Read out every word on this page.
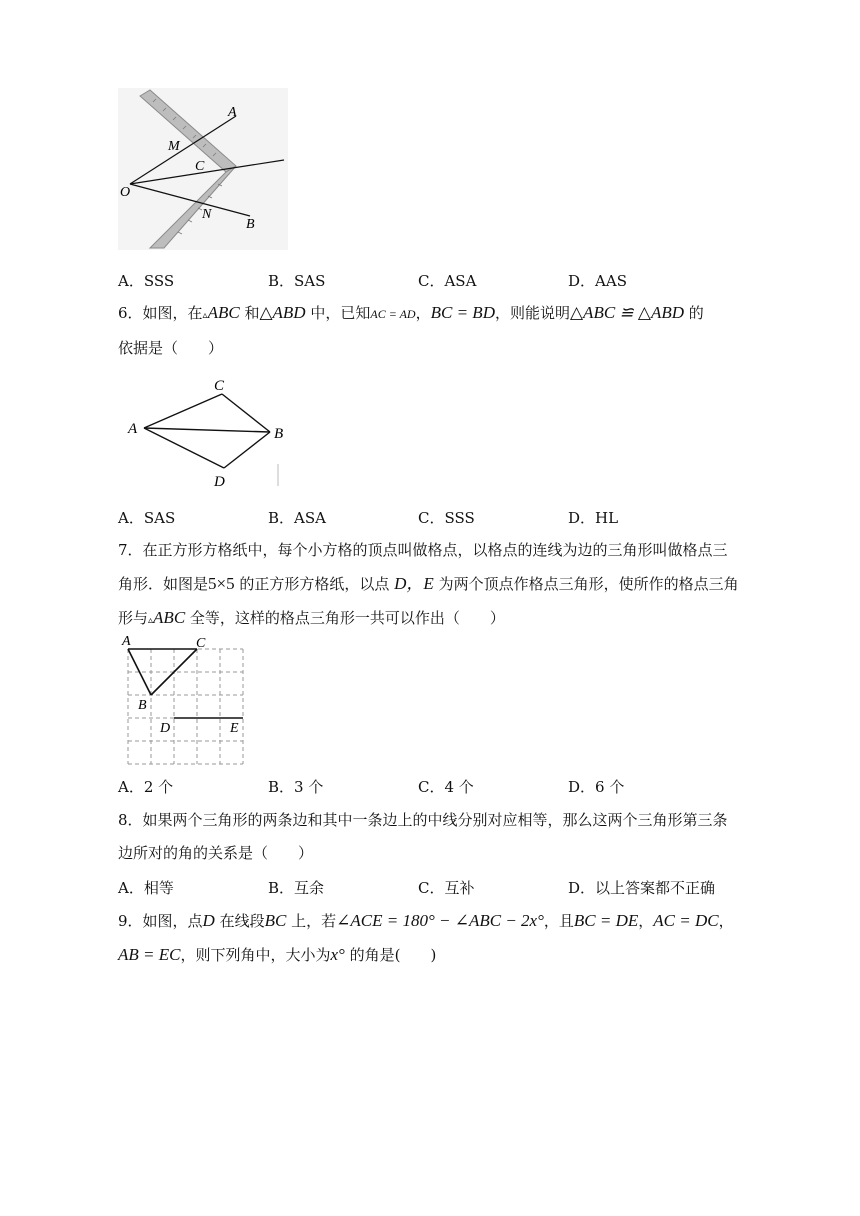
A
M
C
O
N
B
A．SSS	B．SAS	C．ASA	D．AAS
6．如图，在▵ABC 和△ABD 中，已知AC = AD，BC = BD，则能说明△ABC ≌ △ABD 的
依据是（　　）
C
A	B
D
A．SAS	B．ASA	C．SSS	D．HL
7．在正方形方格纸中，每个小方格的顶点叫做格点，以格点的连线为边的三角形叫做格点三
角形．如图是5×5 的正方形方格纸，以点 D，E 为两个顶点作格点三角形，使所作的格点三角
形与▵ABC 全等，这样的格点三角形一共可以作出（　　）
A	C
B
D	E
A．2 个	B．3 个	C．4 个	D．6 个
8．如果两个三角形的两条边和其中一条边上的中线分别对应相等，那么这两个三角形第三条
边所对的角的关系是（　　）
A．相等	B．互余	C．互补	D．以上答案都不正确
9．如图，点D 在线段BC 上，若∠ACE = 180° − ∠ABC − 2x°，且BC = DE，AC = DC，
AB = EC，则下列角中，大小为x° 的角是(　　)
